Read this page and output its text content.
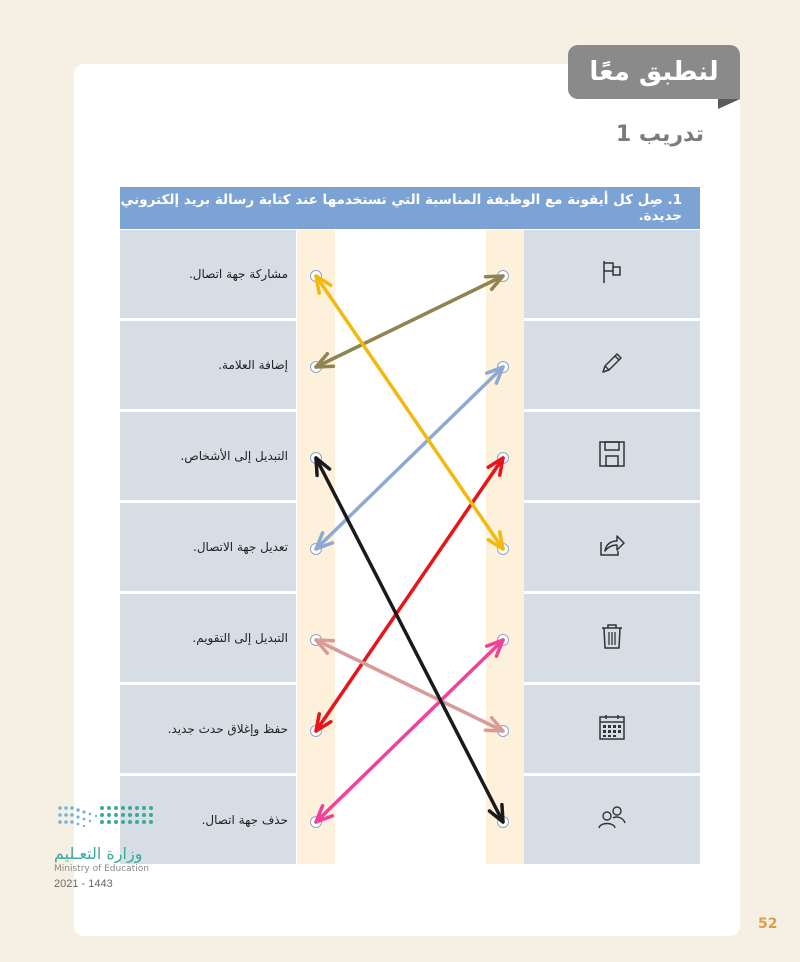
لنطبق معًا
تدريب 1
1. صِل كل أيقونة مع الوظيفة المناسبة التي تستخدمها عند كتابة رسالة بريد إلكتروني جديدة.
مشاركة جهة اتصال.
إضافة العلامة.
التبديل إلى الأشخاص.
تعديل جهة الاتصال.
التبديل إلى التقويم.
حفظ وإغلاق حدث جديد.
حذف جهة اتصال.
وزارة التعـليم
Ministry of Education
2021 - 1443
52
